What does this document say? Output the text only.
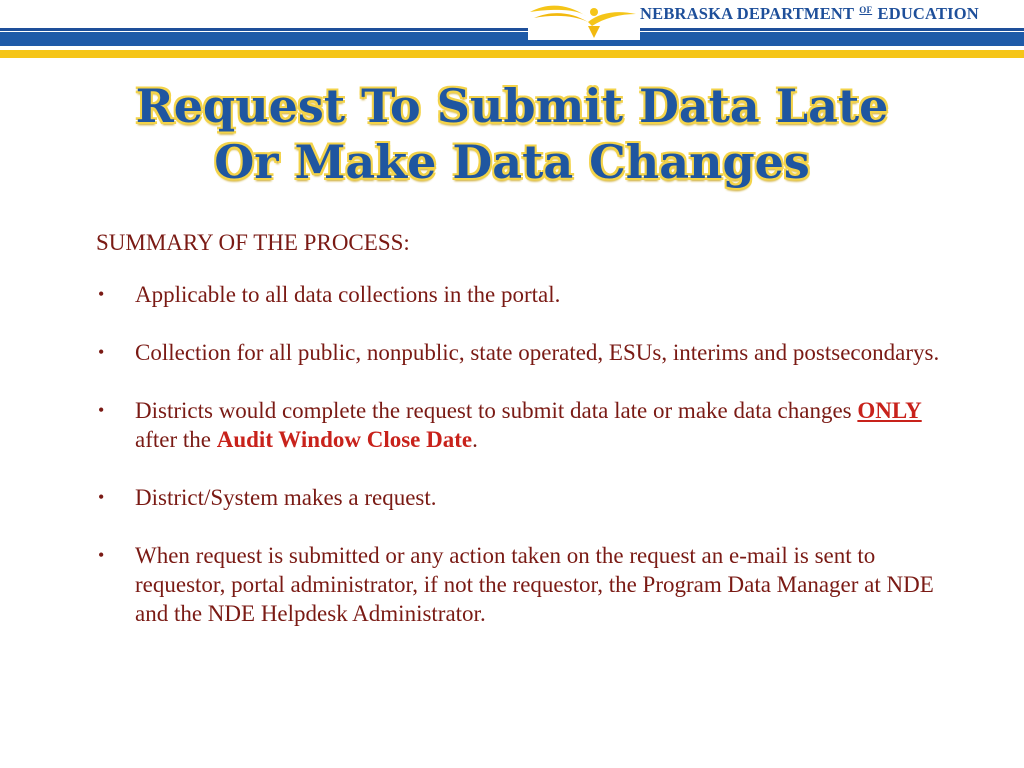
NEBRASKA DEPARTMENT $^{OF}$ EDUCATION
Request To Submit Data Late
Or Make Data Changes

SUMMARY OF THE PROCESS:

• Applicable to all data collections in the portal.
• Collection for all public, nonpublic, state operated, ESUs, interims and postsecondarys.
• Districts would complete the request to submit data late or make data changes ONLY after the Audit Window Close Date.
• District/System makes a request.
• When request is submitted or any action taken on the request an e-mail is sent to requestor, portal administrator, if not the requestor, the Program Data Manager at NDE and the NDE Helpdesk Administrator.
